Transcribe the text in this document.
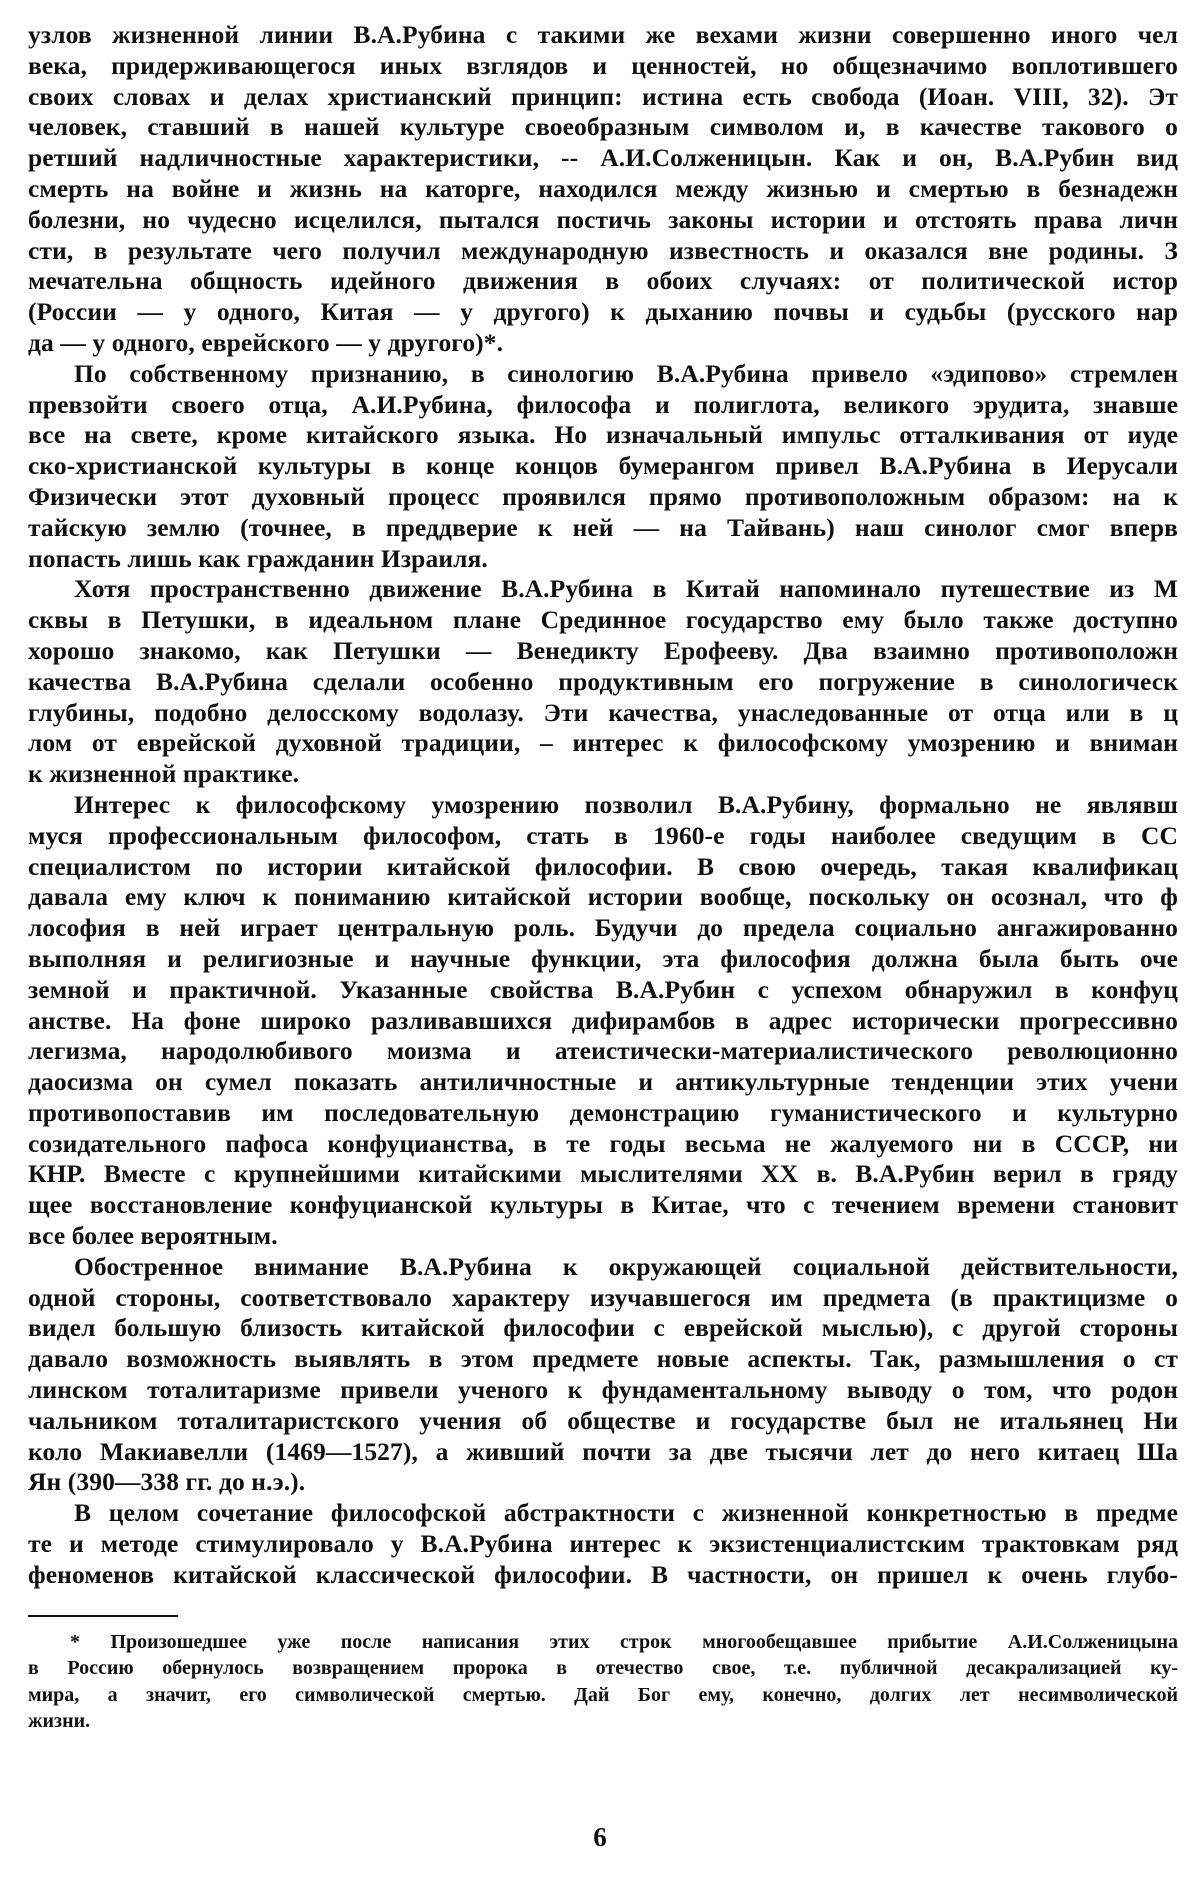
узлов жизненной линии В.А.Рубина с такими же вехами жизни совершенно иного чел
века, придерживающегося иных взглядов и ценностей, но общезначимо воплотившего
своих словах и делах христианский принцип: истина есть свобода (Иоан. VIII, 32). Эт
человек, ставший в нашей культуре своеобразным символом и, в качестве такового о
ретший надличностные характеристики, -- А.И.Солженицын. Как и он, В.А.Рубин вид
смерть на войне и жизнь на каторге, находился между жизнью и смертью в безнадежн
болезни, но чудесно исцелился, пытался постичь законы истории и отстоять права личн
сти, в результате чего получил международную известность и оказался вне родины. З
мечательна общность идейного движения в обоих случаях: от политической истор
(России — у одного, Китая — у другого) к дыханию почвы и судьбы (русского нар
да — у одного, еврейского — у другого)*.
По собственному признанию, в синологию В.А.Рубина привело «эдипово» стремлен
превзойти своего отца, А.И.Рубина, философа и полиглота, великого эрудита, знавше
все на свете, кроме китайского языка. Но изначальный импульс отталкивания от иуде
ско-христианской культуры в конце концов бумерангом привел В.А.Рубина в Иерусали
Физически этот духовный процесс проявился прямо противоположным образом: на к
тайскую землю (точнее, в преддверие к ней — на Тайвань) наш синолог смог вперв
попасть лишь как гражданин Израиля.
Хотя пространственно движение В.А.Рубина в Китай напоминало путешествие из М
сквы в Петушки, в идеальном плане Срединное государство ему было также доступно
хорошо знакомо, как Петушки — Венедикту Ерофееву. Два взаимно противоположн
качества В.А.Рубина сделали особенно продуктивным его погружение в синологическ
глубины, подобно делосскому водолазу. Эти качества, унаследованные от отца или в ц
лом от еврейской духовной традиции, – интерес к философскому умозрению и вниман
к жизненной практике.
Интерес к философскому умозрению позволил В.А.Рубину, формально не являвш
муся профессиональным философом, стать в 1960-е годы наиболее сведущим в СС
специалистом по истории китайской философии. В свою очередь, такая квалификац
давала ему ключ к пониманию китайской истории вообще, поскольку он осознал, что ф
лософия в ней играет центральную роль. Будучи до предела социально ангажированно
выполняя и религиозные и научные функции, эта философия должна была быть оче
земной и практичной. Указанные свойства В.А.Рубин с успехом обнаружил в конфуц
анстве. На фоне широко разливавшихся дифирамбов в адрес исторически прогрессивно
легизма, народолюбивого моизма и атеистически-материалистического революционно
даосизма он сумел показать антиличностные и антикультурные тенденции этих учени
противопоставив им последовательную демонстрацию гуманистического и культурно
созидательного пафоса конфуцианства, в те годы весьма не жалуемого ни в СССР, ни
КНР. Вместе с крупнейшими китайскими мыслителями XX в. В.А.Рубин верил в гряду
щее восстановление конфуцианской культуры в Китае, что с течением времени становит
все более вероятным.
Обостренное внимание В.А.Рубина к окружающей социальной действительности,
одной стороны, соответствовало характеру изучавшегося им предмета (в практицизме о
видел большую близость китайской философии с еврейской мыслью), с другой стороны
давало возможность выявлять в этом предмете новые аспекты. Так, размышления о ст
линском тоталитаризме привели ученого к фундаментальному выводу о том, что родон
чальником тоталитаристского учения об обществе и государстве был не итальянец Ни
коло Макиавелли (1469—1527), а живший почти за две тысячи лет до него китаец Ша
Ян (390—338 гг. до н.э.).
В целом сочетание философской абстрактности с жизненной конкретностью в предме
те и методе стимулировало у В.А.Рубина интерес к экзистенциалистским трактовкам ряд
феноменов китайской классической философии. В частности, он пришел к очень глубо-
* Произошедшее уже после написания этих строк многообещавшее прибытие А.И.Солженицына
в Россию обернулось возвращением пророка в отечество свое, т.е. публичной десакрализацией ку-
мира, а значит, его символической смертью. Дай Бог ему, конечно, долгих лет несимволической
жизни.
6
